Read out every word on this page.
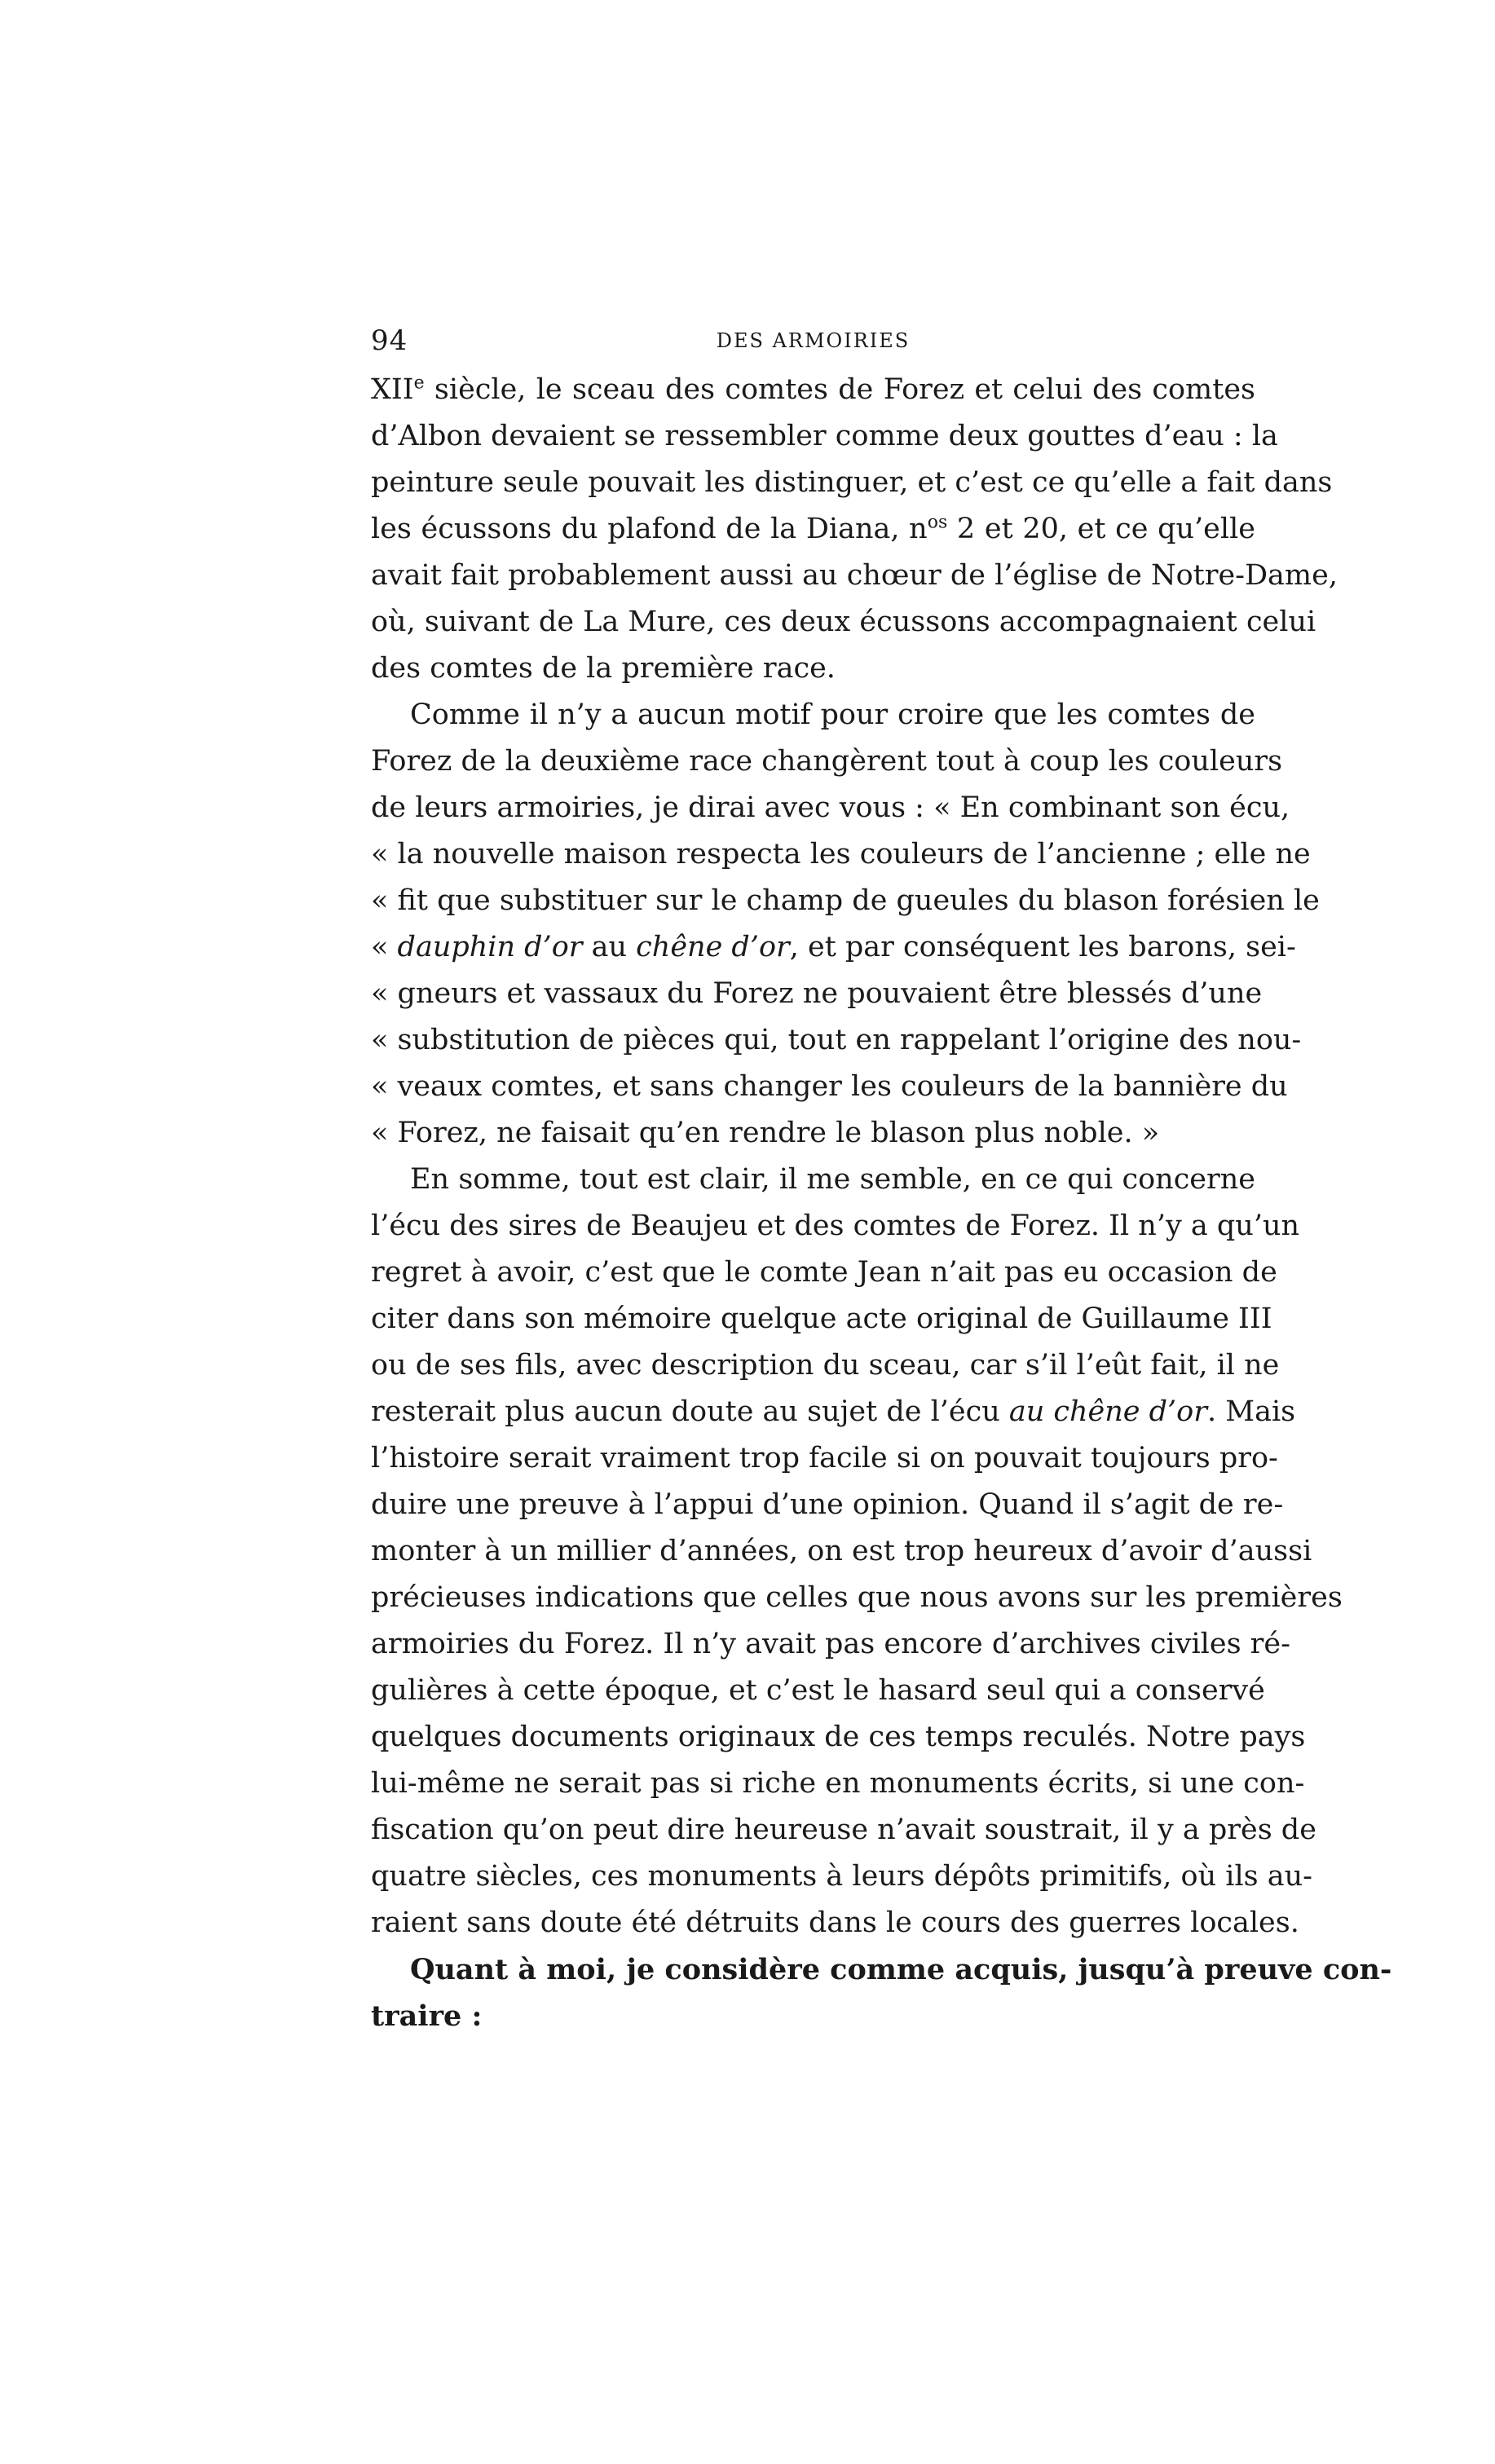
94	DES ARMOIRIES
XIIe siècle, le sceau des comtes de Forez et celui des comtes
d’Albon devaient se ressembler comme deux gouttes d’eau : la
peinture seule pouvait les distinguer, et c’est ce qu’elle a fait dans
les écussons du plafond de la Diana, $n^{os}$ 2 et 20, et ce qu’elle
avait fait probablement aussi au chœur de l’église de Notre-Dame,
où, suivant de La Mure, ces deux écussons accompagnaient celui
des comtes de la première race.
Comme il n’y a aucun motif pour croire que les comtes de
Forez de la deuxième race changèrent tout à coup les couleurs
de leurs armoiries, je dirai avec vous : « En combinant son écu,
« la nouvelle maison respecta les couleurs de l’ancienne ; elle ne
« fit que substituer sur le champ de gueules du blason forésien le
« dauphin d’or au chêne d’or, et par conséquent les barons, sei-
« gneurs et vassaux du Forez ne pouvaient être blessés d’une
« substitution de pièces qui, tout en rappelant l’origine des nou-
« veaux comtes, et sans changer les couleurs de la bannière du
« Forez, ne faisait qu’en rendre le blason plus noble. »
En somme, tout est clair, il me semble, en ce qui concerne
l’écu des sires de Beaujeu et des comtes de Forez. Il n’y a qu’un
regret à avoir, c’est que le comte Jean n’ait pas eu occasion de
citer dans son mémoire quelque acte original de Guillaume III
ou de ses fils, avec description du sceau, car s’il l’eût fait, il ne
resterait plus aucun doute au sujet de l’écu au chêne d’or. Mais
l’histoire serait vraiment trop facile si on pouvait toujours pro-
duire une preuve à l’appui d’une opinion. Quand il s’agit de re-
monter à un millier d’années, on est trop heureux d’avoir d’aussi
précieuses indications que celles que nous avons sur les premières
armoiries du Forez. Il n’y avait pas encore d’archives civiles ré-
gulières à cette époque, et c’est le hasard seul qui a conservé
quelques documents originaux de ces temps reculés. Notre pays
lui-même ne serait pas si riche en monuments écrits, si une con-
fiscation qu’on peut dire heureuse n’avait soustrait, il y a près de
quatre siècles, ces monuments à leurs dépôts primitifs, où ils au-
raient sans doute été détruits dans le cours des guerres locales.
Quant à moi, je considère comme acquis, jusqu’à preuve con-
traire :
